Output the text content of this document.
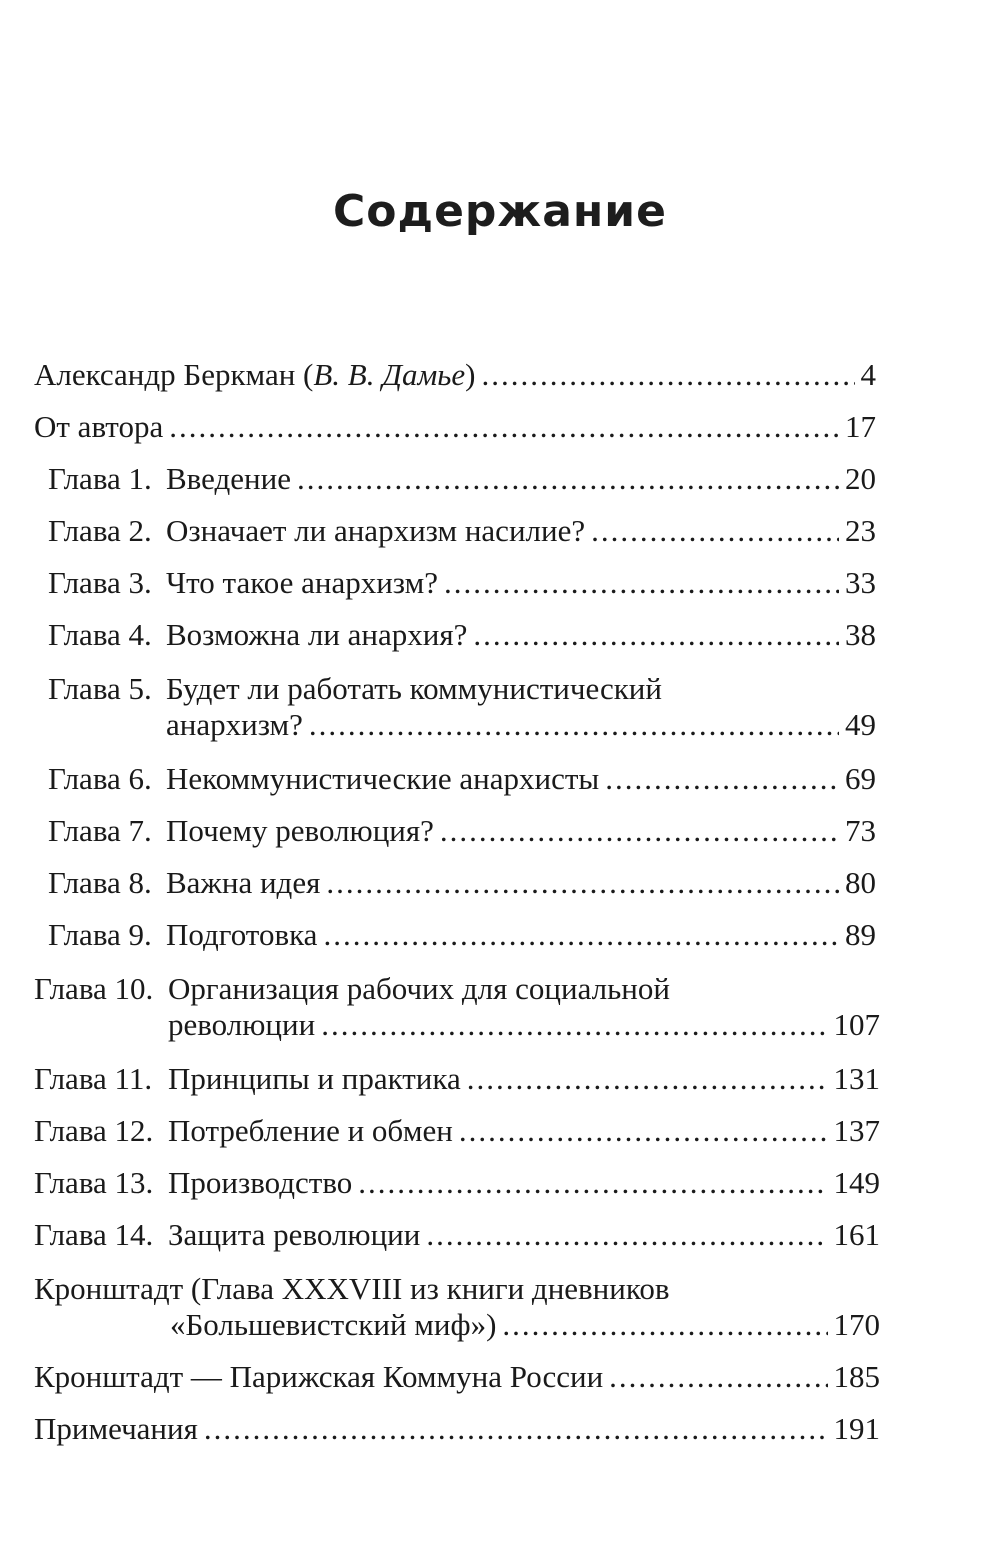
Содержание
Александр Беркман (В. В. Дамье) .....	4
От автора .....	17
Глава 1. Введение .....	20
Глава 2. Означает ли анархизм насилие? .....	23
Глава 3. Что такое анархизм? .....	33
Глава 4. Возможна ли анархия? .....	38
Глава 5. Будет ли работать коммунистический
анархизм? .....	49
Глава 6. Некоммунистические анархисты .....	69
Глава 7. Почему революция? .....	73
Глава 8. Важна идея .....	80
Глава 9. Подготовка .....	89
Глава 10. Организация рабочих для социальной
революции .....	107
Глава 11. Принципы и практика .....	131
Глава 12. Потребление и обмен .....	137
Глава 13. Производство .....	149
Глава 14. Защита революции .....	161
Кронштадт (Глава XXXVIII из книги дневников
«Большевистский миф») .....	170
Кронштадт — Парижская Коммуна России .....	185
Примечания .....	191
